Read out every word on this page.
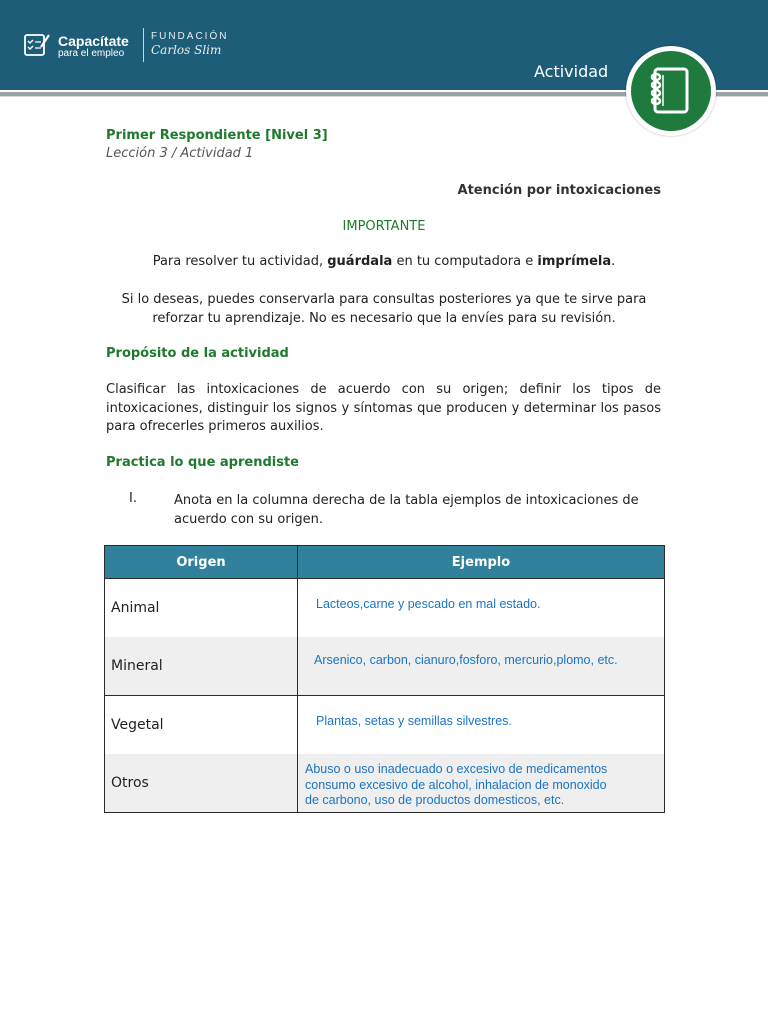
Capacítate
para el empleo
FUNDACIÓN
Carlos Slim
Actividad
Primer Respondiente [Nivel 3]
Lección 3 / Actividad 1
Atención por intoxicaciones
IMPORTANTE
Para resolver tu actividad, guárdala en tu computadora e imprímela.
Si lo deseas, puedes conservarla para consultas posteriores ya que te sirve para reforzar tu aprendizaje. No es necesario que la envíes para su revisión.
Propósito de la actividad
Clasificar las intoxicaciones de acuerdo con su origen; definir los tipos de intoxicaciones, distinguir los signos y síntomas que producen y determinar los pasos para ofrecerles primeros auxilios.
Practica lo que aprendiste
I.	Anota en la columna derecha de la tabla ejemplos de intoxicaciones de acuerdo con su origen.
Origen	Ejemplo
Animal	Lacteos,carne y pescado en mal estado.

Mineral	Arsenico, carbon, cianuro,fosforo, mercurio,plomo, etc.

Vegetal	Plantas, setas y semillas silvestres.

Otros	Abuso o uso inadecuado o excesivo de medicamentos
consumo excesivo de alcohol, inhalacion de monoxido
de carbono, uso de productos domesticos, etc.
